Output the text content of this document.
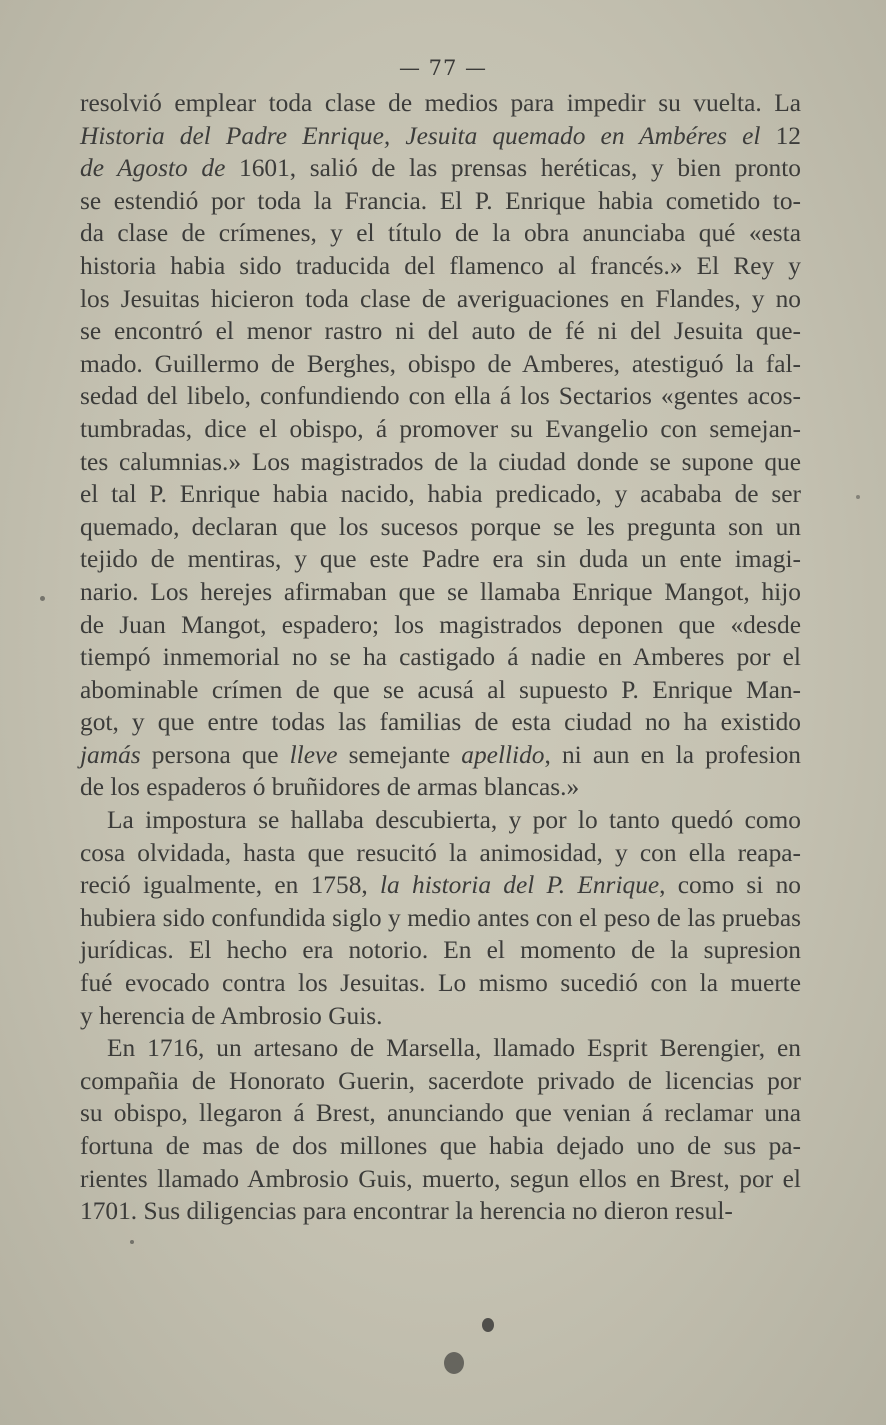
— 77 —
resolvió emplear toda clase de medios para impedir su vuelta. La
Historia del Padre Enrique, Jesuita quemado en Ambéres el 12
de Agosto de 1601, salió de las prensas heréticas, y bien pronto
se estendió por toda la Francia. El P. Enrique habia cometido to-
da clase de crímenes, y el título de la obra anunciaba qué «esta
historia habia sido traducida del flamenco al francés.» El Rey y
los Jesuitas hicieron toda clase de averiguaciones en Flandes, y no
se encontró el menor rastro ni del auto de fé ni del Jesuita que-
mado. Guillermo de Berghes, obispo de Amberes, atestiguó la fal-
sedad del libelo, confundiendo con ella á los Sectarios «gentes acos-
tumbradas, dice el obispo, á promover su Evangelio con semejan-
tes calumnias.» Los magistrados de la ciudad donde se supone que
el tal P. Enrique habia nacido, habia predicado, y acababa de ser
quemado, declaran que los sucesos porque se les pregunta son un
tejido de mentiras, y que este Padre era sin duda un ente imagi-
nario. Los herejes afirmaban que se llamaba Enrique Mangot, hijo
de Juan Mangot, espadero; los magistrados deponen que «desde
tiempó inmemorial no se ha castigado á nadie en Amberes por el
abominable crímen de que se acusá al supuesto P. Enrique Man-
got, y que entre todas las familias de esta ciudad no ha existido
jamás persona que lleve semejante apellido, ni aun en la profesion
de los espaderos ó bruñidores de armas blancas.»
La impostura se hallaba descubierta, y por lo tanto quedó como
cosa olvidada, hasta que resucitó la animosidad, y con ella reapa-
reció igualmente, en 1758, la historia del P. Enrique, como si no
hubiera sido confundida siglo y medio antes con el peso de las pruebas
jurídicas. El hecho era notorio. En el momento de la supresion
fué evocado contra los Jesuitas. Lo mismo sucedió con la muerte
y herencia de Ambrosio Guis.
En 1716, un artesano de Marsella, llamado Esprit Berengier, en
compañia de Honorato Guerin, sacerdote privado de licencias por
su obispo, llegaron á Brest, anunciando que venian á reclamar una
fortuna de mas de dos millones que habia dejado uno de sus pa-
rientes llamado Ambrosio Guis, muerto, segun ellos en Brest, por el
1701. Sus diligencias para encontrar la herencia no dieron resul-
